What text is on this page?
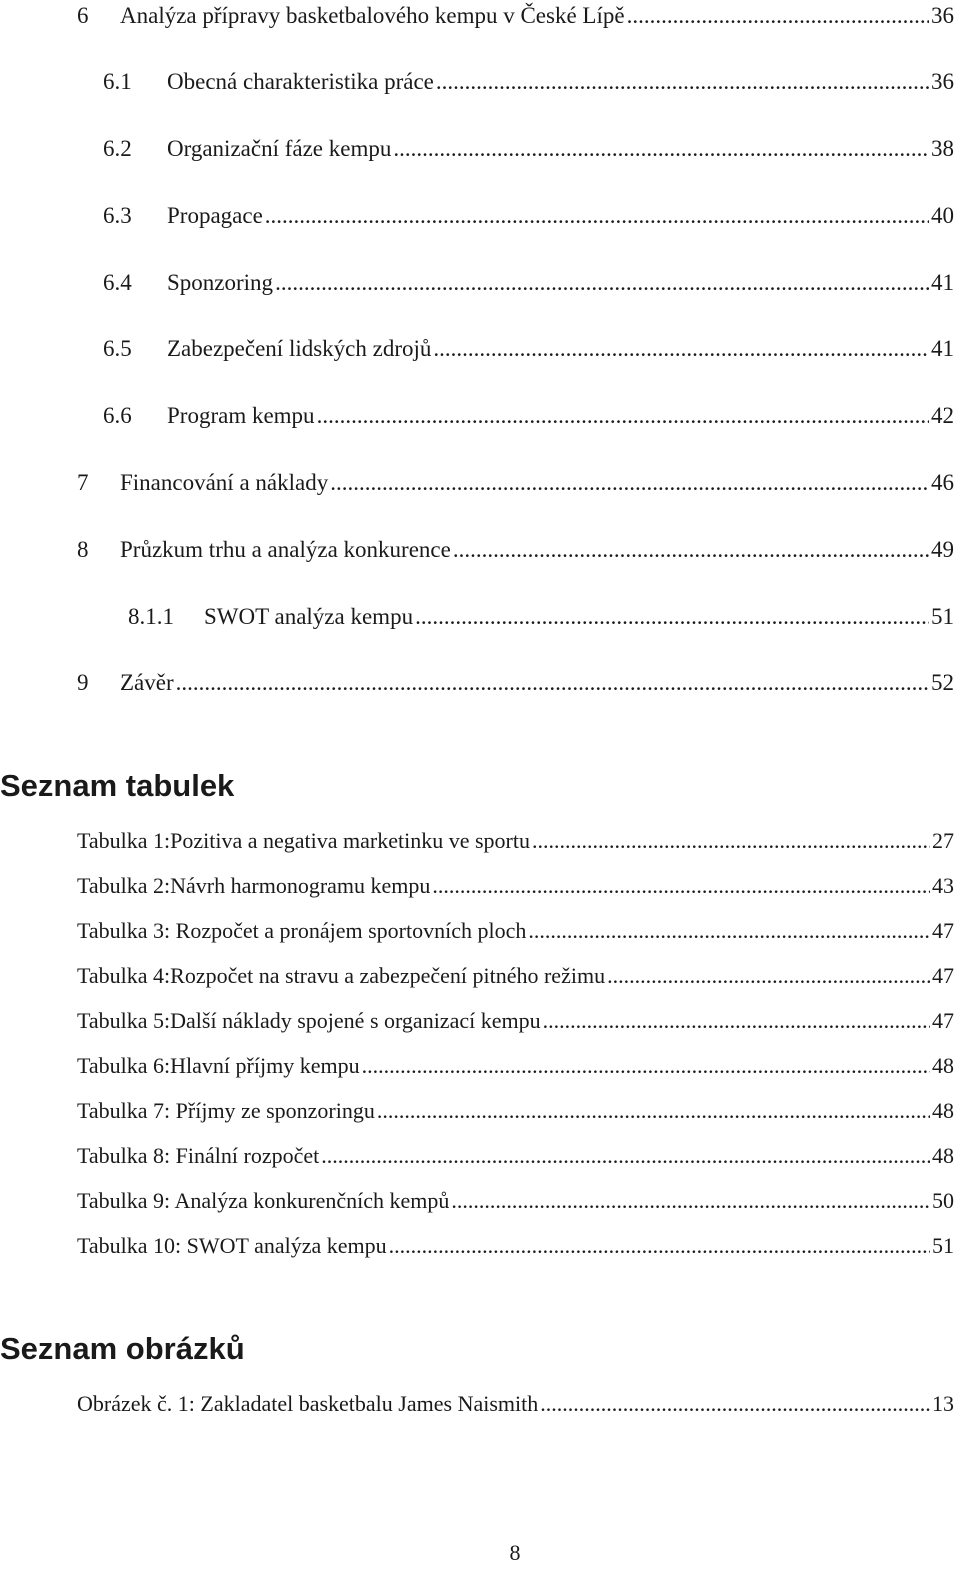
6	Analýza přípravy basketbalového kempu v České Lípě .....	36
6.1	Obecná charakteristika práce .....	36
6.2	Organizační fáze kempu .....	38
6.3	Propagace .....	40
6.4	Sponzoring .....	41
6.5	Zabezpečení lidských zdrojů .....	41
6.6	Program kempu .....	42
7	Financování a náklady .....	46
8	Průzkum trhu a analýza konkurence .....	49
8.1.1	SWOT analýza kempu .....	51
9	Závěr .....	52
Seznam tabulek
Tabulka 1:Pozitiva a negativa marketinku ve sportu .....	27
Tabulka 2:Návrh harmonogramu kempu .....	43
Tabulka 3: Rozpočet a pronájem sportovních ploch .....	47
Tabulka 4:Rozpočet na stravu a zabezpečení pitného režimu .....	47
Tabulka 5:Další náklady spojené s organizací kempu .....	47
Tabulka 6:Hlavní příjmy kempu .....	48
Tabulka 7: Příjmy ze sponzoringu .....	48
Tabulka 8: Finální rozpočet .....	48
Tabulka 9: Analýza konkurenčních kempů .....	50
Tabulka 10: SWOT analýza kempu .....	51
Seznam obrázků
Obrázek č. 1: Zakladatel basketbalu James Naismith .....	13
8
